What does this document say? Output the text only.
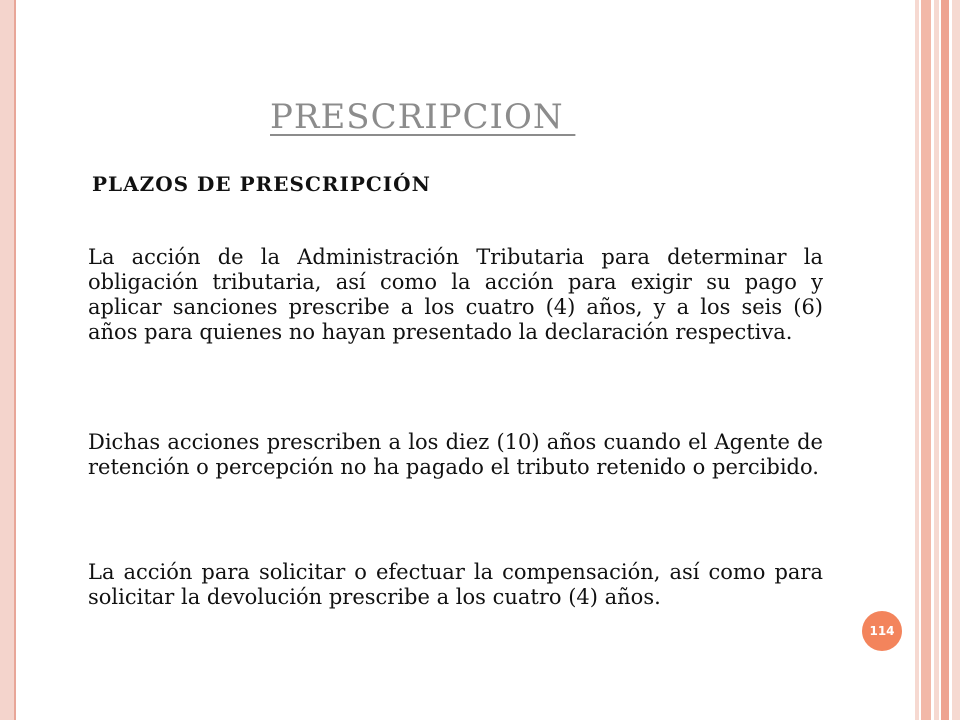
PRESCRIPCION
PLAZOS DE PRESCRIPCIÓN
La acción de la Administración Tributaria para determinar la obligación tributaria, así como la acción para exigir su pago y aplicar sanciones prescribe a los cuatro (4) años, y a los seis (6) años para quienes no hayan presentado la declaración respectiva.
Dichas acciones prescriben a los diez (10) años cuando el Agente de retención o percepción no ha pagado el tributo retenido o percibido.
La acción para solicitar o efectuar la compensación, así como para solicitar la devolución prescribe a los cuatro (4) años.
114
